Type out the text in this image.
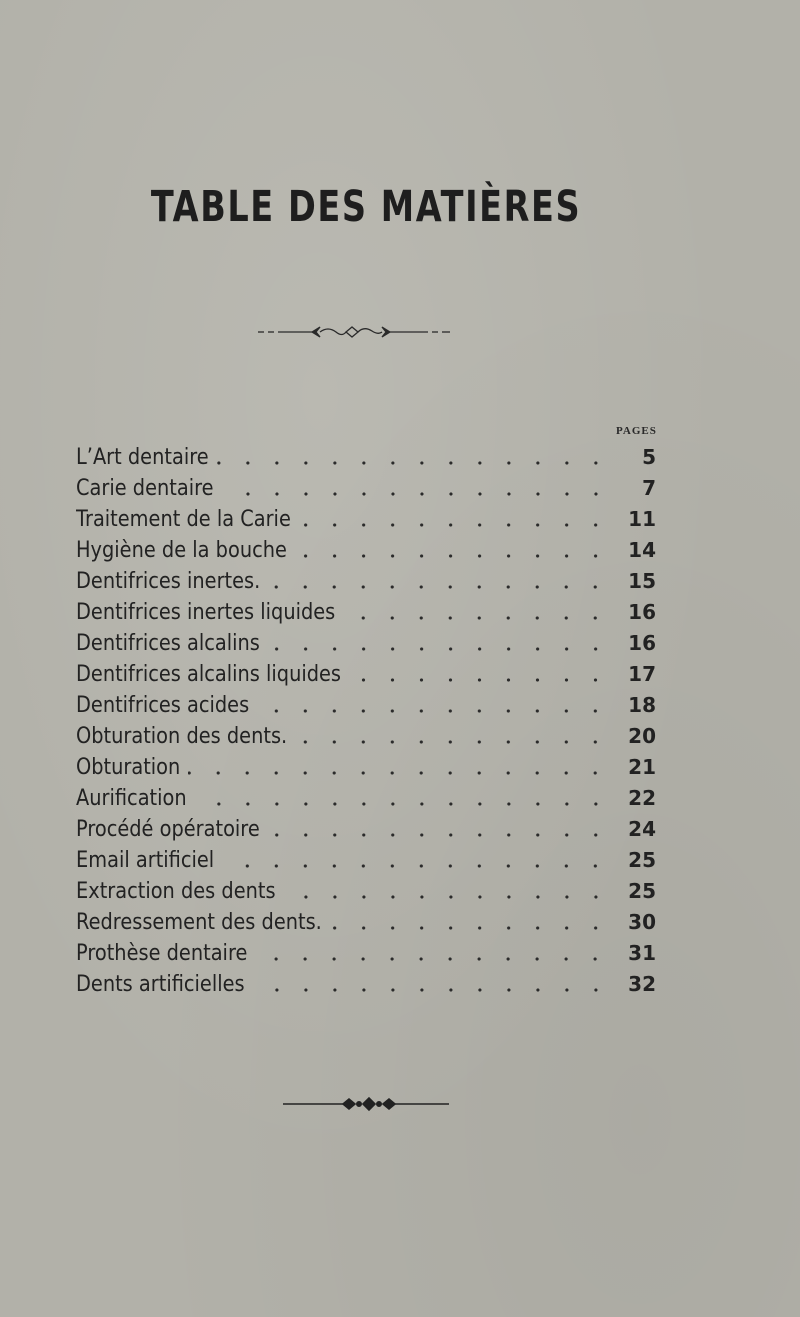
TABLE DES MATIÈRES
PAGES
L’Art dentaire	5
Carie dentaire	7
Traitement de la Carie	11
Hygiène de la bouche	14
Dentifrices inertes.	15
Dentifrices inertes liquides	16
Dentifrices alcalins	16
Dentifrices alcalins liquides	17
Dentifrices acides	18
Obturation des dents.	20
Obturation	21
Aurification	22
Procédé opératoire	24
Email artificiel	25
Extraction des dents	25
Redressement des dents.	30
Prothèse dentaire	31
Dents artificielles	32
